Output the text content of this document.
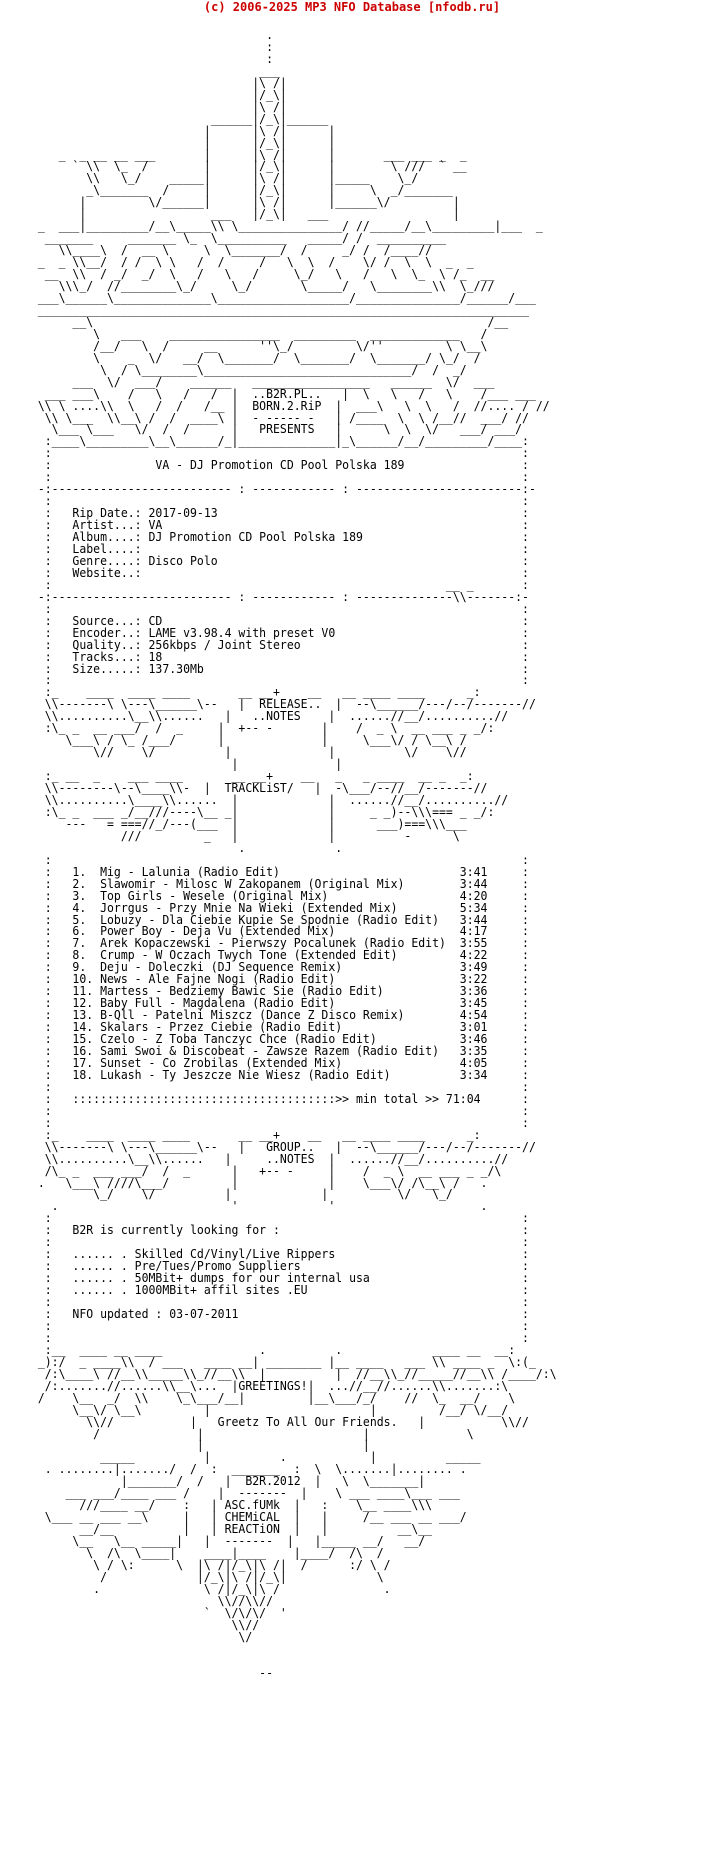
(c) 2006-2025 MP3 NFO Database [nfodb.ru]
.
:
:
___
|\ /|
|/_\|
|\ /|
______|/_\|______
|      |\ /|      |
|      |/_\|      |
_  _ __ __ ___       |      |\ /|      |       ___ ___ _  _
` \\  \_  /        |      |/_\|      |        \ ///  ` __
\\   \_/    _____|      |\ /|      |_____    \_/
_\_______  /     |      |/_\|      |     \  _/_______
|         \/______|      |\ /|      |______\/         |
|                  ___   |/_\|   ___                  |
_  ___|_________/__\_____\\ \_______________/ //_____/__\_________|___  _
_______     _______ \_  \__________   _____/ /  __________
\\____\  /  __ \     \  \_______/  /     _/ /  /____//
_  _ \\__/  / /  \ \   /  /     /   \  \  /    \/ /  \  \  _  _
__  \\  / _/  _/  \   /   \   /     \_/   \   /   \  \_  \ /_  __
\\\_/  //________\_/     \_/       \_____/   \________\\  \_///
___\______\______________\___________________/_______________/______/___
_______________________________________________________________________
__\                                                         /__
\   ___    ________________  _________  _____________   /
/__/   \  /     __      ''\_/         \/''         \ \__\
\    _  \/   __/  \_______/  \_______/  \_______/ \_/  /
\  / \________\______________________________/  /  _/
___  \/  ___/    ______   _________________   ______  \/  ___
___ ___\    /   \   /   /  |  ..B2R.PL..   |  \   \   /   \    /___ ___
\\ \ ....\\  \   /  /   /__ |  BORN.2.RiP  |  ___\   \  \   /  //.... / //
\\ \___  \\__\ /  /  ____\ |  - ----- -   | /____  \  \ /__//  ___/ //
\___ \___   \/  /  /      |   PRESENTS   |      \  \  \/   ___/ ___/
:____\_________\__\______/_|______________|_\______/__/_________/____:
:                                                                    :
:               VA - DJ Promotion CD Pool Polska 189                 :
:                                                                    :
-:-------------------------- : ------------ : ------------------------:-
:                                                                    :
:   Rip Date.: 2017-09-13                                            :
:   Artist...: VA                                                    :
:   Album....: DJ Promotion CD Pool Polska 189                       :
:   Label....:                                                       :
:   Genre....: Disco Polo                                            :
:   Website..:                                                       :
:                                                         __ _       :
-:-------------------------- : ------------ : --------------\\-------:-
:                                                                    :
:   Source...: CD                                                    :
:   Encoder..: LAME v3.98.4 with preset V0                           :
:   Quality..: 256kbps / Joint Stereo                                :
:   Tracks...: 18                                                    :
:   Size.....: 137.30Mb                                              :
:                                                                    :
:_    ____  ____ ____       __ __+    __   __ ____ ____      _:
\\-------\ \---\______\--   |  RELEASE..  |  --\______/---/--/-------//
\\..........\__\\......   |   ..NOTES    |  ......//__/..........//
:\_ _  __ ___/  /  _     |  +-- -       |    /  _ \  __ ___ _ _/:
\___\ / \_ /___/      |              |     \___\/ / \__\ /
\//    \/          |              |          \/    \//
|              |
:_ __  _    ___ ____       __ __+    __   _   _ ____  __ _  _:
\\--------\--\____\\-  |  TRACKLiST/   |  -\___/--//__/-------//
\\..........\____\\......  |             |  ......//__/..........//
:\_ _  ___ _/__///----\__ _|             |     _ _)--\\\=== _ _/:
---   = ===//_/---(___  |             |      ___)===\\\___
///         _   |             |          -      \
.             .
:                                                                    :
:   1.  Mig - Lalunia (Radio Edit)                          3:41     :
:   2.  Slawomir - Milosc W Zakopanem (Original Mix)        3:44     :
:   3.  Top Girls - Wesele (Original Mix)                   4:20     :
:   4.  Jorrgus - Przy Mnie Na Wieki (Extended Mix)         5:34     :
:   5.  Lobuzy - Dla Ciebie Kupie Se Spodnie (Radio Edit)   3:44     :
:   6.  Power Boy - Deja Vu (Extended Mix)                  4:17     :
:   7.  Arek Kopaczewski - Pierwszy Pocalunek (Radio Edit)  3:55     :
:   8.  Crump - W Oczach Twych Tone (Extended Edit)         4:22     :
:   9.  Deju - Doleczki (DJ Sequence Remix)                 3:49     :
:   10. News - Ale Fajne Nogi (Radio Edit)                  3:22     :
:   11. Martess - Bedziemy Bawic Sie (Radio Edit)           3:36     :
:   12. Baby Full - Magdalena (Radio Edit)                  3:45     :
:   13. B-Qll - Patelni Miszcz (Dance Z Disco Remix)        4:54     :
:   14. Skalars - Przez Ciebie (Radio Edit)                 3:01     :
:   15. Czelo - Z Toba Tanczyc Chce (Radio Edit)            3:46     :
:   16. Sami Swoi & Discobeat - Zawsze Razem (Radio Edit)   3:35     :
:   17. Sunset - Co Zrobilas (Extended Mix)                 4:05     :
:   18. Lukash - Ty Jeszcze Nie Wiesz (Radio Edit)          3:34     :
:                                                                    :
:   ::::::::::::::::::::::::::::::::::::::>> min total >> 71:04      :
:                                                                    :
:                                                                    :
:_    ____  ____ ____       __ __+    __   __ ____ ____      _:
\\-------\ \---\______\--   |   GROUP..   |  --\______/---/--/-------//
\\..........\__\\......   |     ..NOTES  |  ......//__/..........//
/\_ _  ___ ___/  /  _      |   +-- -     |    /  _ \  __ ___ _ _/\
.   \___\ ////\___/         |             |    \___\/ /\__\ /   .
\_/    \/          |             |          \/   \_/
.                         '             '                     .
:                                                                    :
:   B2R is currently looking for :                                   :
:                                                                    :
:   ...... . Skilled Cd/Vinyl/Live Rippers                           :
:   ...... . Pre/Tues/Promo Suppliers                                :
:   ...... . 50MBit+ dumps for our internal usa                      :
:   ...... . 1000MBit+ affil sites .EU                               :
:                                                                    :
:   NFO updated : 03-07-2011                                         :
:                                                                    :
:                                                                    :
:__  ____ __ ____              .          .             ____ __  __:
_):/  _ ____\\  / ___   ____ __| ________ |__ ____   ___ \\ ____ _  \:(_
/:\____\ //__\\_____\\_//__\\  |          |  //__\\_//_____//__\\ /____/:\
/:.......//......\\__\...  |GREETINGS!|  ...//__//......\\.......:\
/    \__  _/  \\    \_\___/__|         |__\___/_/    //  \_  __/    \
\__\/ \__\         |                       |         /__/ \/__/
\\//           |   Greetz To All Our Friends.   |           \\//
/              |                       |              \
|                       |
_____          |          .            |          _____
. ........|......./  /  :  _______  :  \  \.......|........ .
|_______/  /   |  B2R.2012  |   \  \_______|
___ ___/____ ___ /    |  -------  |    \ ___ ____\___ ___
///____ __/    :   | ASC.fUMk  |   :    \__ ____\\\
\___ __ ___ __\     |   | CHEMiCAL  |   |     /__ ___ __ ___/
__/__          |   | REACTiON  |   |          __\__
\__   \__ _____|   |  -------  |   |_____ __/   __/
\  /\  \____|    ____|____    |____/  /\  /
\ / \:      \  |\ /|/_\|\ /|  /      :/ \ /
/             |/_\|\ /|/_\|             \
.               \ /|/_\|\ /               .
\\//\\//
`  \/\/\/  '
\\//
\/

--
